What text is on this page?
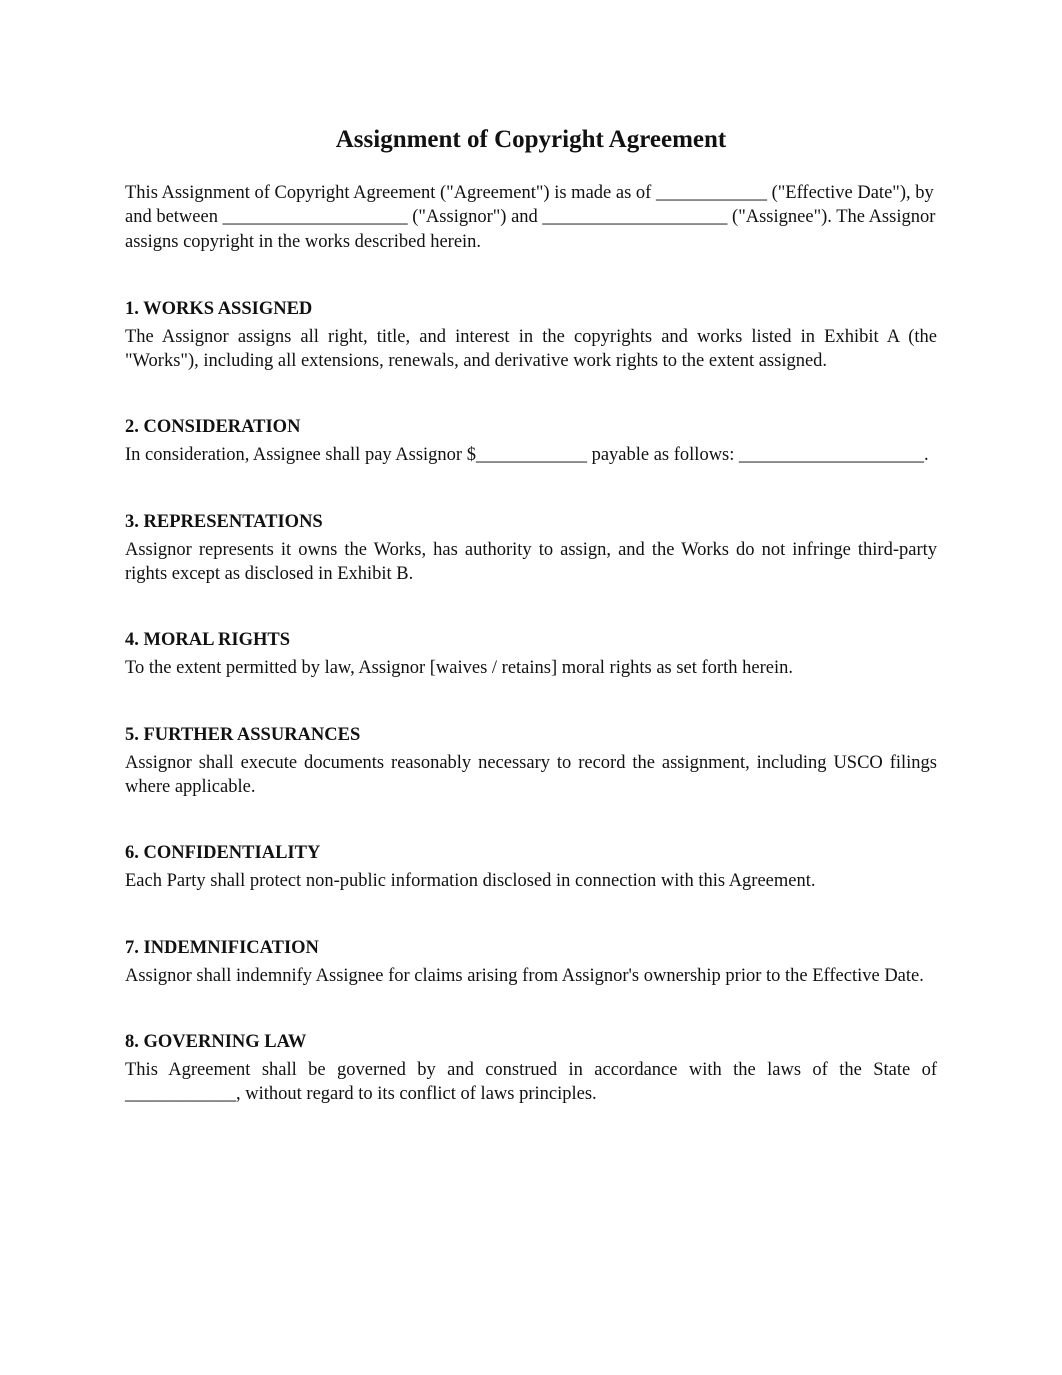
Assignment of Copyright Agreement

This Assignment of Copyright Agreement ("Agreement") is made as of ____________ ("Effective Date"), by and between ____________________ ("Assignor") and ____________________ ("Assignee"). The Assignor assigns copyright in the works described herein.

1. WORKS ASSIGNED

The Assignor assigns all right, title, and interest in the copyrights and works listed in Exhibit A (the "Works"), including all extensions, renewals, and derivative work rights to the extent assigned.

2. CONSIDERATION

In consideration, Assignee shall pay Assignor $____________ payable as follows: ____________________.

3. REPRESENTATIONS

Assignor represents it owns the Works, has authority to assign, and the Works do not infringe third-party rights except as disclosed in Exhibit B.

4. MORAL RIGHTS

To the extent permitted by law, Assignor [waives / retains] moral rights as set forth herein.

5. FURTHER ASSURANCES

Assignor shall execute documents reasonably necessary to record the assignment, including USCO filings where applicable.

6. CONFIDENTIALITY

Each Party shall protect non-public information disclosed in connection with this Agreement.

7. INDEMNIFICATION

Assignor shall indemnify Assignee for claims arising from Assignor's ownership prior to the Effective Date.

8. GOVERNING LAW

This Agreement shall be governed by and construed in accordance with the laws of the State of ____________, without regard to its conflict of laws principles.
